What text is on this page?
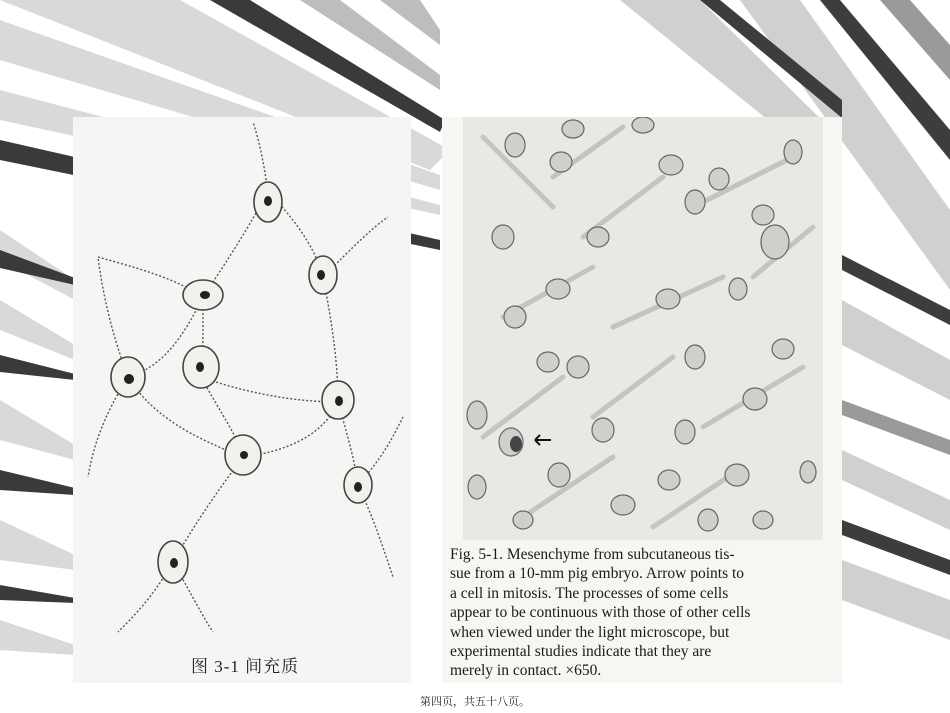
图 3-1 间充质
Fig. 5-1. Mesenchyme from subcutaneous tis-
sue from a 10-mm pig embryo. Arrow points to
a cell in mitosis. The processes of some cells
appear to be continuous with those of other cells
when viewed under the light microscope, but
experimental studies indicate that they are
merely in contact. ×650.
第四页，共五十八页。
